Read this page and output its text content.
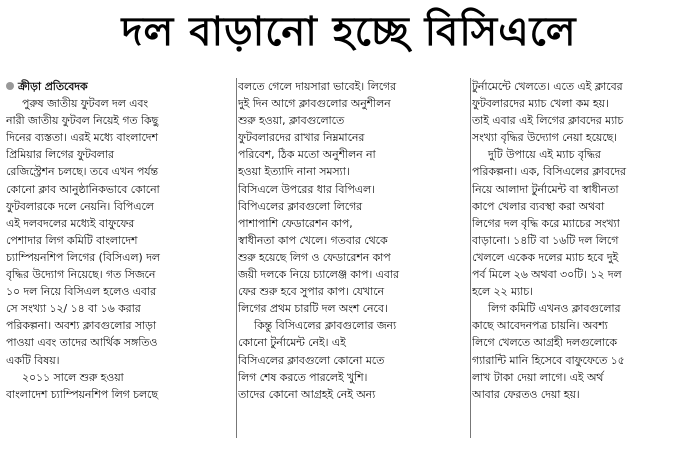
দল বাড়ানো হচ্ছে বিসিএলে

ক্রীড়া প্রতিবেদক

পুরুষ জাতীয় ফুটবল দল এবং

নারী জাতীয় ফুটবল নিয়েই গত কিছু

দিনের ব্যস্ততা। এরই মধ্যে বাংলাদেশ

প্রিমিয়ার লিগের ফুটবলার

রেজিস্ট্রেশন চলছে। তবে এখন পর্যন্ত

কোনো ক্লাব আনুষ্ঠানিকভাবে কোনো

ফুটবলারকে দলে নেয়নি। বিপিএলে

এই দলবদলের মধ্যেই বাফুফের

পেশাদার লিগ কমিটি বাংলাদেশ

চ্যাম্পিয়নশিপ লিগের (বিসিএল) দল

বৃদ্ধির উদ্যোগ নিয়েছে। গত সিজনে

১০ দল নিয়ে বিসিএল হলেও এবার

সে সংখ্যা ১২/ ১৪ বা ১৬ করার

পরিকল্পনা। অবশ্য ক্লাবগুলোর সাড়া

পাওয়া এবং তাদের আর্থিক সঙ্গতিও

একটি বিষয়।

২০১১ সালে শুরু হওয়া

বাংলাদেশ চ্যাম্পিয়নশিপ লিগ চলছে

বলতে গেলে দায়সারা ভাবেই। লিগের

দুই দিন আগে ক্লাবগুলোর অনুশীলন

শুরু হওয়া, ক্লাবগুলোতে

ফুটবলারদের রাখার নিম্নমানের

পরিবেশ, ঠিক মতো অনুশীলন না

হওয়া ইত্যাদি নানা সমস্যা।

বিসিএলে উপরের ধার বিপিএল।

বিপিএলের ক্লাবগুলো লিগের

পাশাপাশি ফেডারেশন কাপ,

স্বাধীনতা কাপ খেলে। গতবার থেকে

শুরু হয়েছে লিগ ও ফেডারেশন কাপ

জয়ী দলকে নিয়ে চ্যালেঞ্জ কাপ। এবার

ফের শুরু হবে সুপার কাপ। যেখানে

লিগের প্রথম চারটি দল অংশ নেবে।

কিন্তু বিসিএলের ক্লাবগুলোর জন্য

কোনো টুর্নামেন্ট নেই। এই

বিসিএলের ক্লাবগুলো কোনো মতে

লিগ শেষ করতে পারলেই খুশি।

তাদের কোনো আগ্রহই নেই অন্য

টুর্নামেন্টে খেলতে। এতে এই ক্লাবের

ফুটবলারদের ম্যাচ খেলা কম হয়।

তাই এবার এই লিগের ক্লাবদের ম্যাচ

সংখ্যা বৃদ্ধির উদ্যোগ নেয়া হয়েছে।

দুটি উপায়ে এই ম্যাচ বৃদ্ধির

পরিকল্পনা। এক, বিসিএলের ক্লাবদের

নিয়ে আলাদা টুর্নামেন্ট বা স্বাধীনতা

কাপে খেলার ব্যবস্থা করা অথবা

লিগের দল বৃদ্ধি করে ম্যাচের সংখ্যা

বাড়ানো। ১৪টি বা ১৬টি দল লিগে

খেললে একেক দলের ম্যাচ হবে দুই

পর্ব মিলে ২৬ অথবা ৩০টি। ১২ দল

হলে ২২ ম্যাচ।

লিগ কমিটি এখনও ক্লাবগুলোর

কাছে আবেদনপত্র চায়নি। অবশ্য

লিগে খেলতে আগ্রহী দলগুলোকে

গ্যারান্টি মানি হিসেবে বাফুফেতে ১৫

লাখ টাকা দেয়া লাগে। এই অর্থ

আবার ফেরতও দেয়া হয়।
